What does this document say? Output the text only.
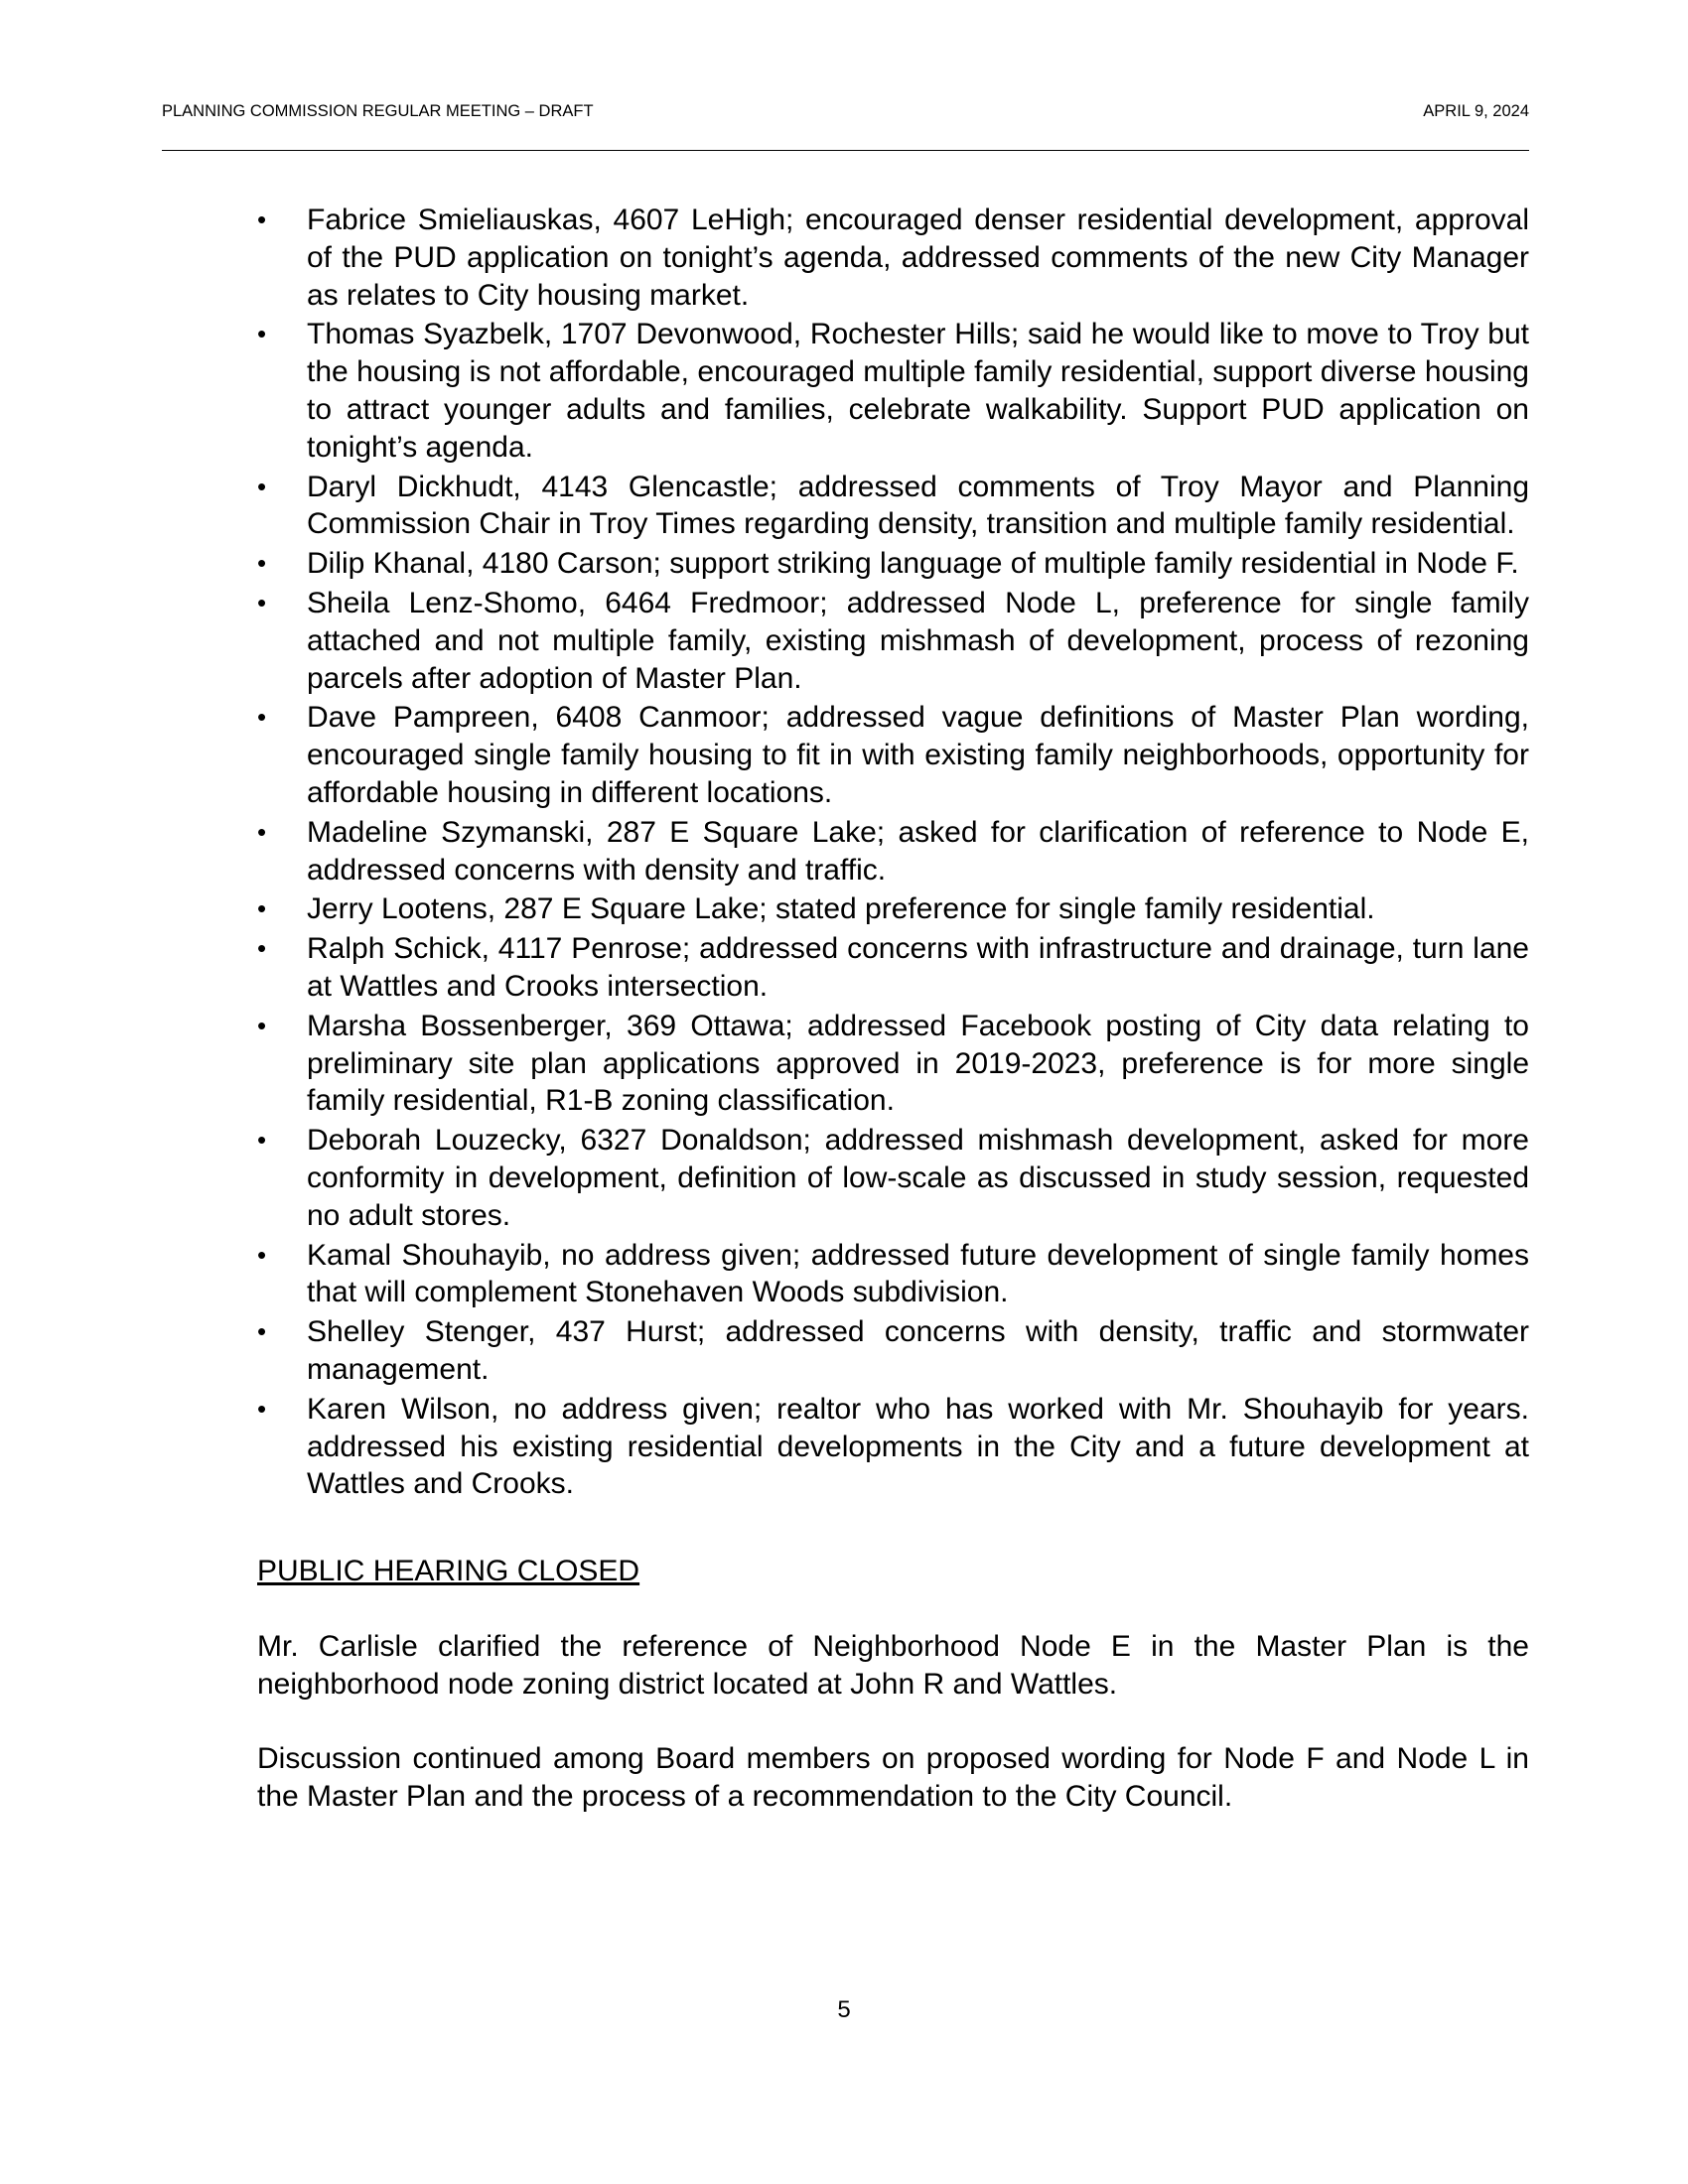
PLANNING COMMISSION REGULAR MEETING – DRAFT	APRIL 9, 2024
•	Fabrice Smieliauskas, 4607 LeHigh; encouraged denser residential development, approval of the PUD application on tonight’s agenda, addressed comments of the new City Manager as relates to City housing market.
•	Thomas Syazbelk, 1707 Devonwood, Rochester Hills; said he would like to move to Troy but the housing is not affordable, encouraged multiple family residential, support diverse housing to attract younger adults and families, celebrate walkability. Support PUD application on tonight’s agenda.
•	Daryl Dickhudt, 4143 Glencastle; addressed comments of Troy Mayor and Planning Commission Chair in Troy Times regarding density, transition and multiple family residential.
•	Dilip Khanal, 4180 Carson; support striking language of multiple family residential in Node F.
•	Sheila Lenz-Shomo, 6464 Fredmoor; addressed Node L, preference for single family attached and not multiple family, existing mishmash of development, process of rezoning parcels after adoption of Master Plan.
•	Dave Pampreen, 6408 Canmoor; addressed vague definitions of Master Plan wording, encouraged single family housing to fit in with existing family neighborhoods, opportunity for affordable housing in different locations.
•	Madeline Szymanski, 287 E Square Lake; asked for clarification of reference to Node E, addressed concerns with density and traffic.
•	Jerry Lootens, 287 E Square Lake; stated preference for single family residential.
•	Ralph Schick, 4117 Penrose; addressed concerns with infrastructure and drainage, turn lane at Wattles and Crooks intersection.
•	Marsha Bossenberger, 369 Ottawa; addressed Facebook posting of City data relating to preliminary site plan applications approved in 2019-2023, preference is for more single family residential, R1-B zoning classification.
•	Deborah Louzecky, 6327 Donaldson; addressed mishmash development, asked for more conformity in development, definition of low-scale as discussed in study session, requested no adult stores.
•	Kamal Shouhayib, no address given; addressed future development of single family homes that will complement Stonehaven Woods subdivision.
•	Shelley Stenger, 437 Hurst; addressed concerns with density, traffic and stormwater management.
•	Karen Wilson, no address given; realtor who has worked with Mr. Shouhayib for years. addressed his existing residential developments in the City and a future development at Wattles and Crooks.
PUBLIC HEARING CLOSED
Mr. Carlisle clarified the reference of Neighborhood Node E in the Master Plan is the neighborhood node zoning district located at John R and Wattles.
Discussion continued among Board members on proposed wording for Node F and Node L in the Master Plan and the process of a recommendation to the City Council.
5
